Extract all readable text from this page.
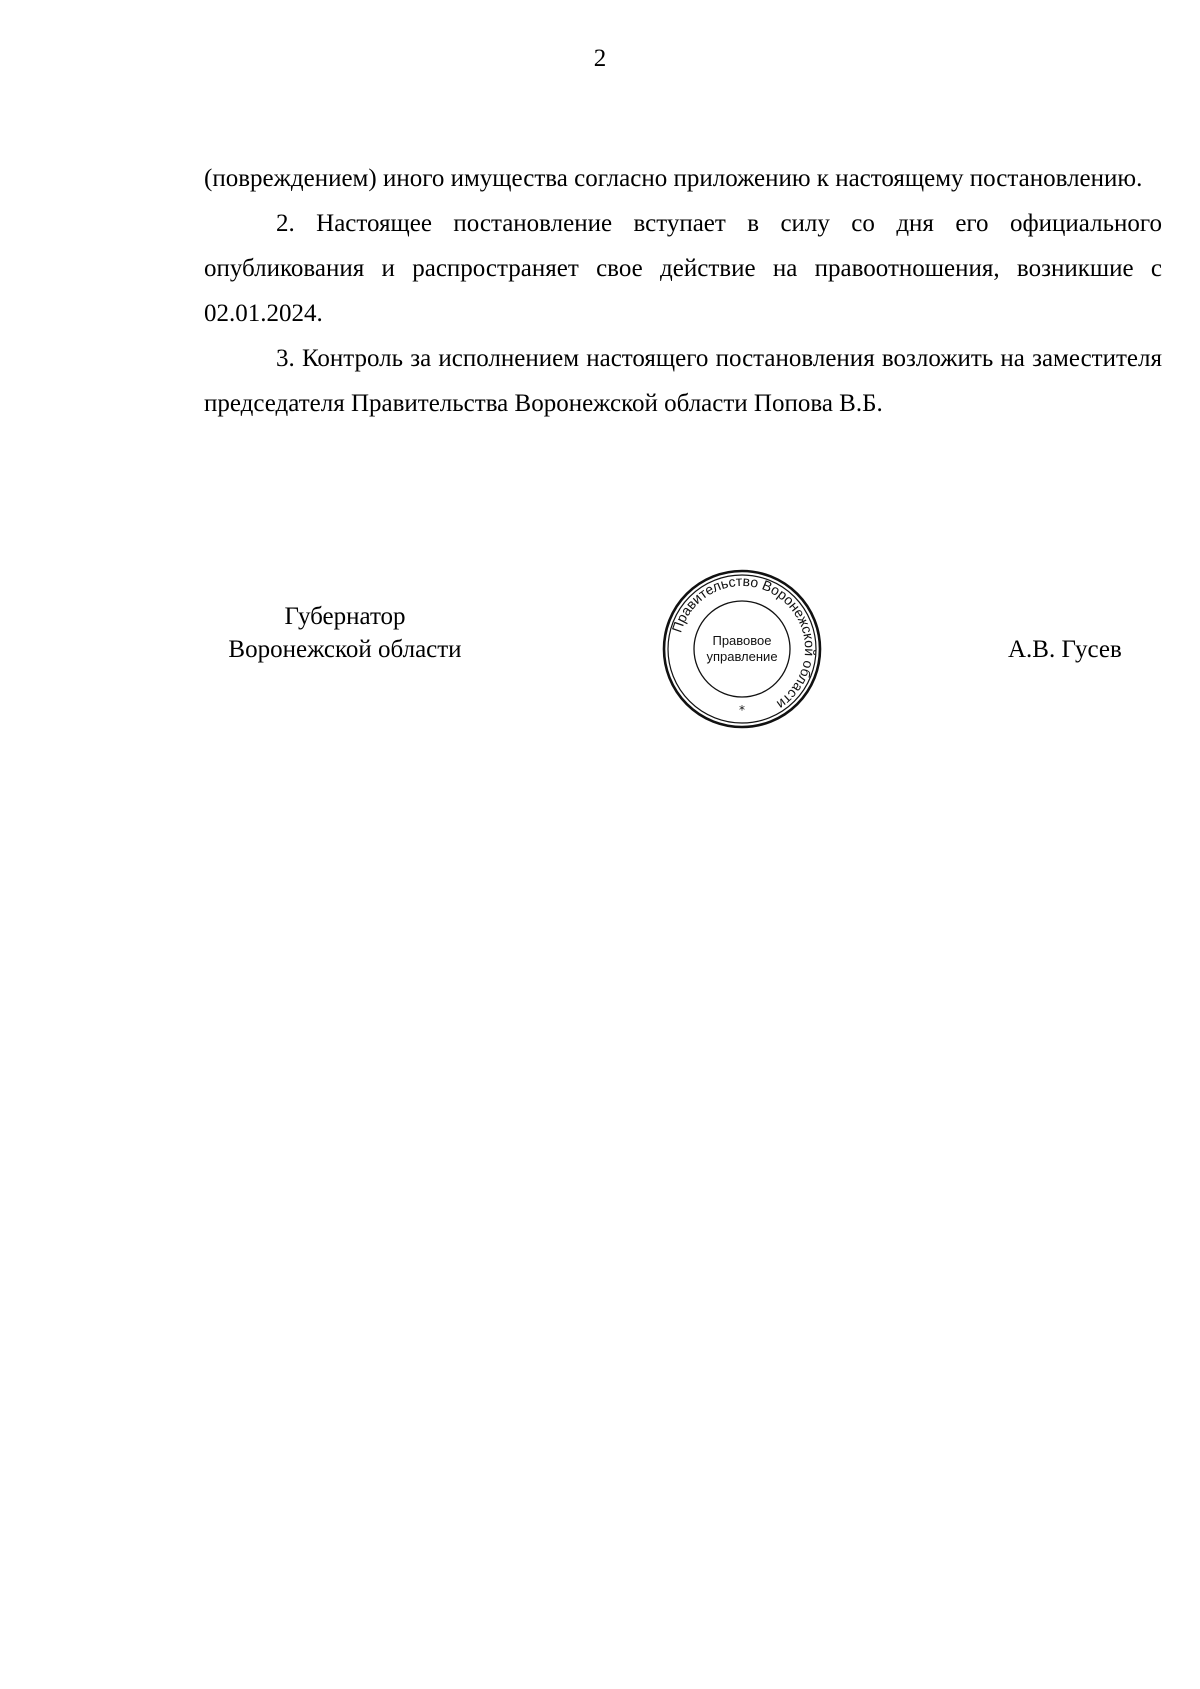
2

(повреждением) иного имущества согласно приложению к настоящему постановлению.

2. Настоящее постановление вступает в силу со дня его официального опубликования и распространяет свое действие на правоотношения, возникшие с 02.01.2024.

3. Контроль за исполнением настоящего постановления возложить на заместителя председателя Правительства Воронежской области Попова В.Б.

Губернатор
Воронежской области	А.В. Гусев
Правительство Воронежской области
Правовое
управление
*
